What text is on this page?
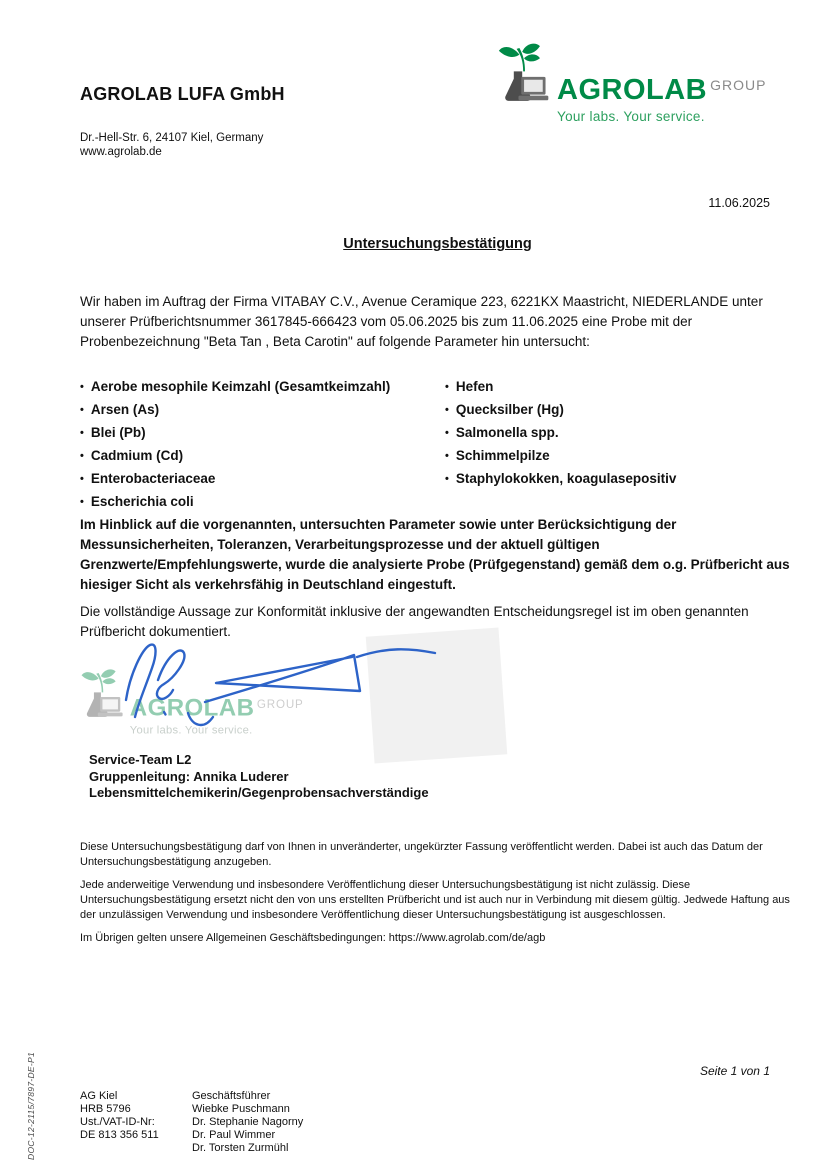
AGROLAB LUFA GmbH
Dr.-Hell-Str. 6, 24107 Kiel, Germany
www.agrolab.de
AGROLAB GROUP
Your labs. Your service.
11.06.2025
Untersuchungsbestätigung

Wir haben im Auftrag der Firma VITABAY C.V., Avenue Ceramique 223, 6221KX Maastricht, NIEDERLANDE unter unserer Prüfberichtsnummer 3617845-666423 vom 05.06.2025 bis zum 11.06.2025 eine Probe mit der Probenbezeichnung "Beta Tan , Beta Carotin" auf folgende Parameter hin untersucht:

• Aerobe mesophile Keimzahl (Gesamtkeimzahl)
• Arsen (As)
• Blei (Pb)
• Cadmium (Cd)
• Enterobacteriaceae
• Escherichia coli
• Hefen
• Quecksilber (Hg)
• Salmonella spp.
• Schimmelpilze
• Staphylokokken, koagulasepositiv

Im Hinblick auf die vorgenannten, untersuchten Parameter sowie unter Berücksichtigung der Messunsicherheiten, Toleranzen, Verarbeitungsprozesse und der aktuell gültigen Grenzwerte/Empfehlungswerte, wurde die analysierte Probe (Prüfgegenstand) gemäß dem o.g. Prüfbericht aus hiesiger Sicht als verkehrsfähig in Deutschland eingestuft.

Die vollständige Aussage zur Konformität inklusive der angewandten Entscheidungsregel ist im oben genannten Prüfbericht dokumentiert.

AGROLAB GROUP
Your labs. Your service.
Service-Team L2
Gruppenleitung: Annika Luderer
Lebensmittelchemikerin/Gegenprobensachverständige

Diese Untersuchungsbestätigung darf von Ihnen in unveränderter, ungekürzter Fassung veröffentlicht werden. Dabei ist auch das Datum der Untersuchungsbestätigung anzugeben.

Jede anderweitige Verwendung und insbesondere Veröffentlichung dieser Untersuchungsbestätigung ist nicht zulässig. Diese Untersuchungsbestätigung ersetzt nicht den von uns erstellten Prüfbericht und ist auch nur in Verbindung mit diesem gültig. Jedwede Haftung aus der unzulässigen Verwendung und insbesondere Veröffentlichung dieser Untersuchungsbestätigung ist ausgeschlossen.

Im Übrigen gelten unsere Allgemeinen Geschäftsbedingungen: https://www.agrolab.com/de/agb

DOC-12-2115/7897-DE-P1	Seite 1 von 1
AG Kiel
HRB 5796
Ust./VAT-ID-Nr:
DE 813 356 511
Geschäftsführer
Wiebke Puschmann
Dr. Stephanie Nagorny
Dr. Paul Wimmer
Dr. Torsten Zurmühl
